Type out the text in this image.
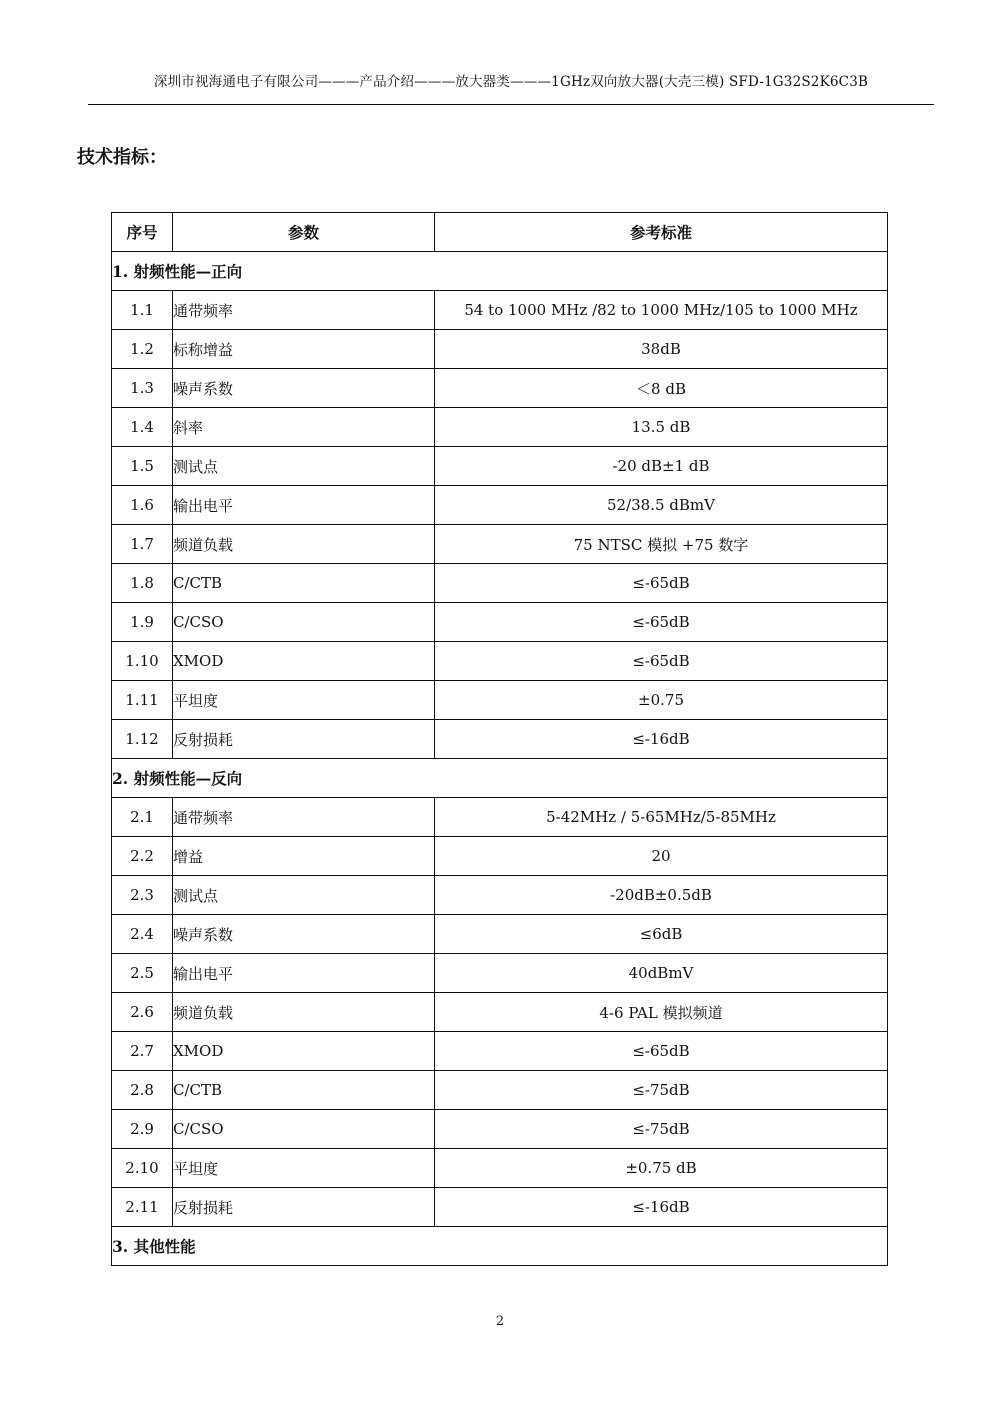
深圳市视海通电子有限公司———产品介绍———放大器类———1GHz双向放大器(大壳三模) SFD-1G32S2K6C3B
技术指标：
序号	参数	参考标准
1. 射频性能—正向		
1.1	通带频率	54 to 1000 MHz /82 to 1000 MHz/105 to 1000 MHz
1.2	标称增益	38dB
1.3	噪声系数	＜8 dB
1.4	斜率	13.5 dB
1.5	测试点	-20 dB±1 dB
1.6	输出电平	52/38.5 dBmV
1.7	频道负载	75 NTSC 模拟 +75 数字
1.8	C/CTB	≤-65dB
1.9	C/CSO	≤-65dB
1.10	XMOD	≤-65dB
1.11	平坦度	±0.75
1.12	反射损耗	≤-16dB
2. 射频性能—反向		
2.1	通带频率	5-42MHz / 5-65MHz/5-85MHz
2.2	增益	20
2.3	测试点	-20dB±0.5dB
2.4	噪声系数	≤6dB
2.5	输出电平	40dBmV
2.6	频道负载	4-6 PAL 模拟频道
2.7	XMOD	≤-65dB
2.8	C/CTB	≤-75dB
2.9	C/CSO	≤-75dB
2.10	平坦度	±0.75 dB
2.11	反射损耗	≤-16dB
3. 其他性能		
2
